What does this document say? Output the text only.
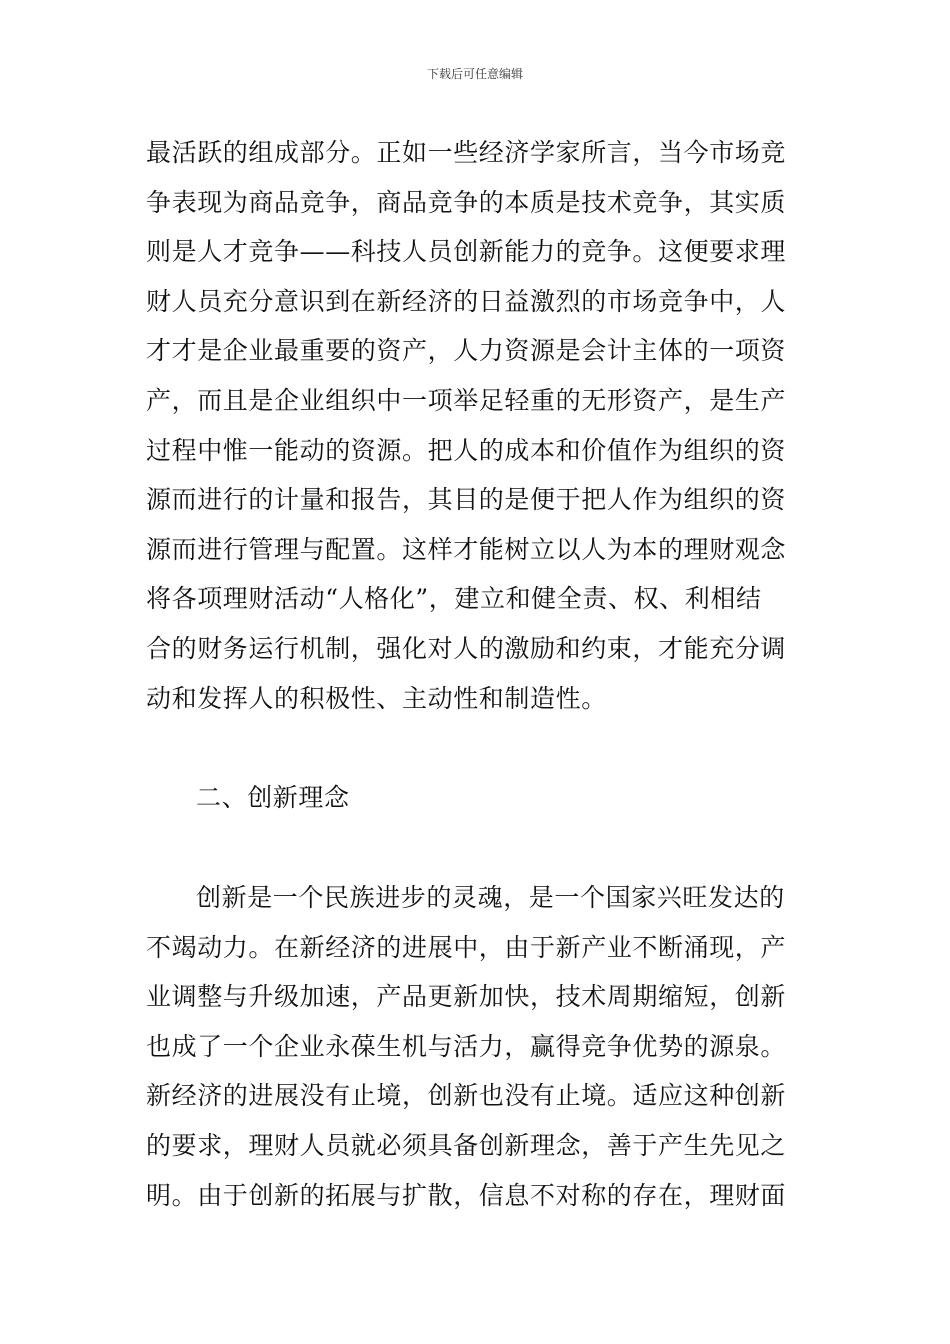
下载后可任意编辑
最活跃的组成部分。正如一些经济学家所言，当今市场竞
争表现为商品竞争，商品竞争的本质是技术竞争，其实质
则是人才竞争——科技人员创新能力的竞争。这便要求理
财人员充分意识到在新经济的日益激烈的市场竞争中，人
才才是企业最重要的资产，人力资源是会计主体的一项资
产，而且是企业组织中一项举足轻重的无形资产，是生产
过程中惟一能动的资源。把人的成本和价值作为组织的资
源而进行的计量和报告，其目的是便于把人作为组织的资
源而进行管理与配置。这样才能树立以人为本的理财观念
将各项理财活动“人格化”，建立和健全责、权、利相结
合的财务运行机制，强化对人的激励和约束，才能充分调
动和发挥人的积极性、主动性和制造性。
二、创新理念
创新是一个民族进步的灵魂，是一个国家兴旺发达的
不竭动力。在新经济的进展中，由于新产业不断涌现，产
业调整与升级加速，产品更新加快，技术周期缩短，创新
也成了一个企业永葆生机与活力，赢得竞争优势的源泉。
新经济的进展没有止境，创新也没有止境。适应这种创新
的要求，理财人员就必须具备创新理念，善于产生先见之
明。由于创新的拓展与扩散，信息不对称的存在，理财面
